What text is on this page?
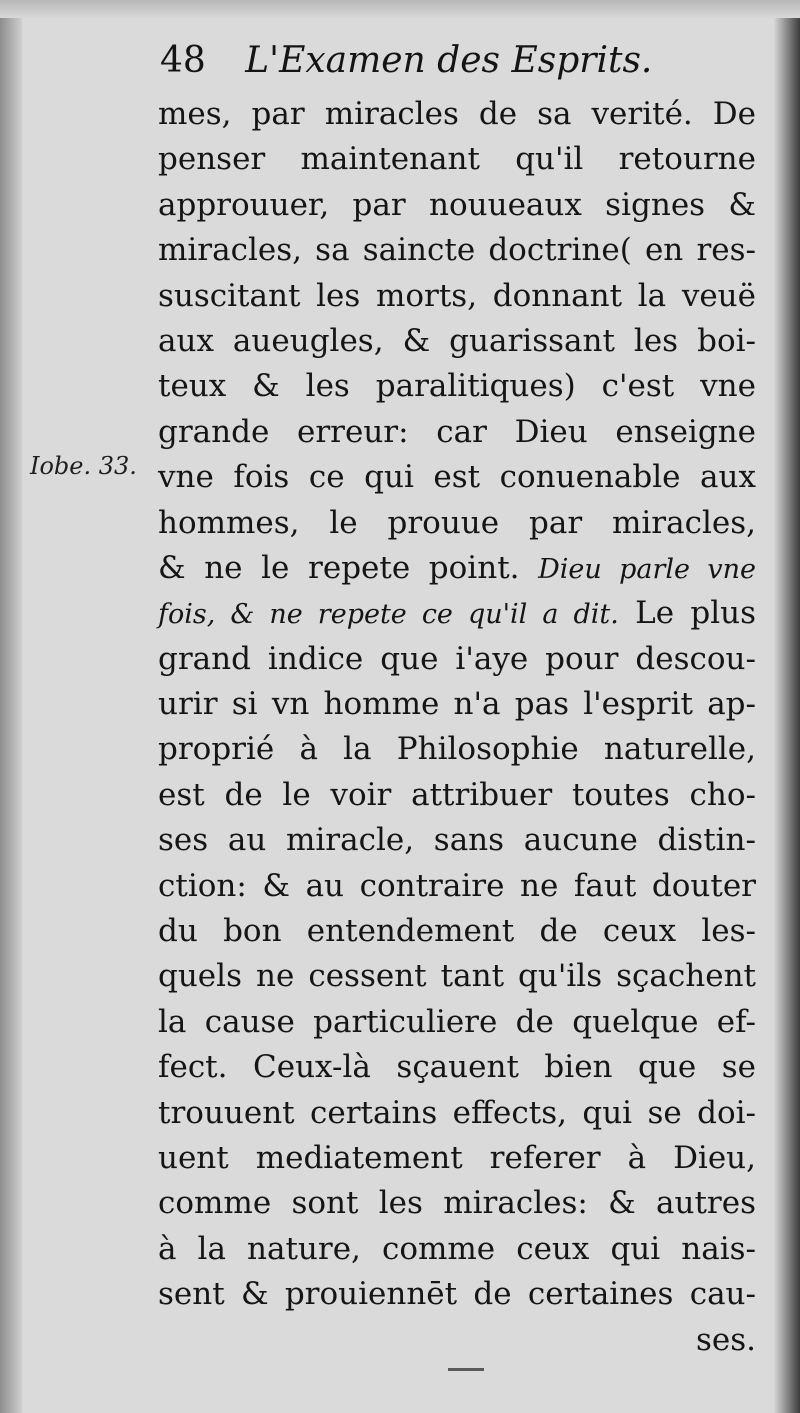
48 L'Examen des Esprits.
Iobe. 33.
mes, par miracles de sa verité. De
penser maintenant qu'il retourne
approuuer, par nouueaux signes &
miracles, sa saincte doctrine( en res-
suscitant les morts, donnant la veuë
aux aueugles, & guarissant les boi-
teux & les paralitiques) c'est vne
grande erreur: car Dieu enseigne
vne fois ce qui est conuenable aux
hommes, le prouue par miracles,
& ne le repete point. Dieu parle vne
fois, & ne repete ce qu'il a dit. Le plus
grand indice que i'aye pour descou-
urir si vn homme n'a pas l'esprit ap-
proprié à la Philosophie naturelle,
est de le voir attribuer toutes cho-
ses au miracle, sans aucune distin-
ction: & au contraire ne faut douter
du bon entendement de ceux les-
quels ne cessent tant qu'ils sçachent
la cause particuliere de quelque ef-
fect. Ceux-là sçauent bien que se
trouuent certains effects, qui se doi-
uent mediatement referer à Dieu,
comme sont les miracles: & autres
à la nature, comme ceux qui nais-
sent & prouiennēt de certaines cau-
ses.
